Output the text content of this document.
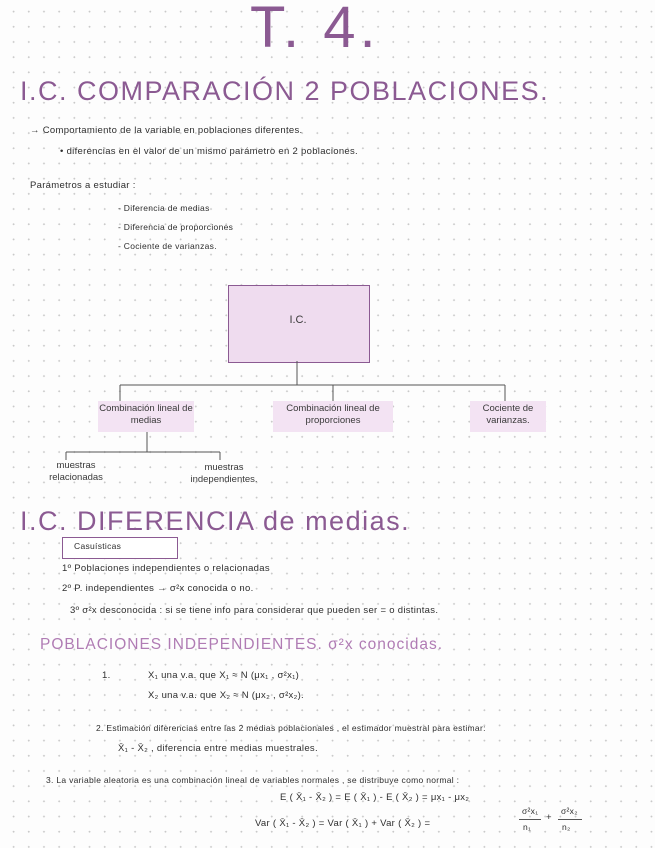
T. 4.
I.C. COMPARACIÓN 2 POBLACIONES.
→ Comportamiento de la variable en poblaciones diferentes.
• diferencias en el valor de un mismo parámetro en 2 poblaciones.
Parámetros a estudiar :
- Diferencia de medias
- Diferencia de proporciones
- Cociente de varianzas.
I.C.
Combinación lineal de medias
Combinación lineal de proporciones
Cociente de varianzas.
muestras relacionadas
muestras independientes.
I.C. DIFERENCIA de medias.
Casuísticas
1º Poblaciones independientes o relacionadas
2º P. independientes → σ²x conocida o no.
3º σ²x desconocida : si se tiene info para considerar que pueden ser = o distintas.
POBLACIONES INDEPENDIENTES. σ²x conocidas.
1.	X₁ una v.a. que X₁ ≈ N (μx₁ , σ²x₁)
X₂ una v.a. que X₂ ≈ N (μx₂ , σ²x₂).
2. Estimación diferencias entre las 2 medias poblacionales , el estimador muestral para estimar:
X̄₁ - X̄₂ , diferencia entre medias muestrales.
3. La variable aleatoria es una combinación lineal de variables normales , se distribuye como normal :
E ( X̄₁ - X̄₂ ) = E ( X̄₁ ) - E ( X̄₂ ) = μx₁ - μx₂
Var ( X̄₁ - X̄₂ ) = Var ( X̄₁ ) + Var ( X̄₂ ) =
σ²x₁
n₁
+
σ²x₂
n₂
